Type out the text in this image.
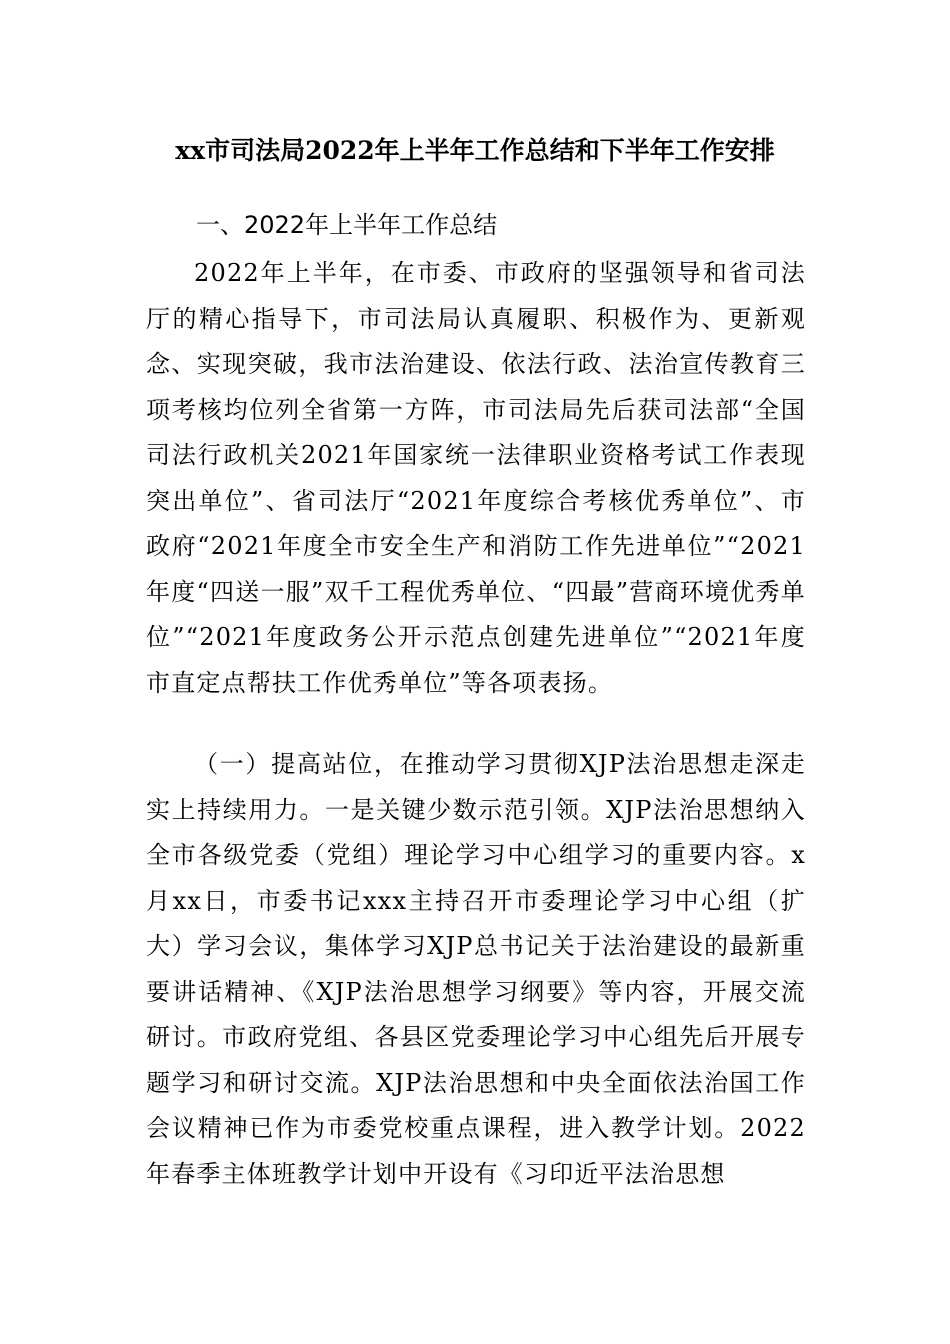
xx市司法局2022年上半年工作总结和下半年工作安排
一、2022年上半年工作总结

2022年上半年，在市委、市政府的坚强领导和省司法厅的精心指导下，市司法局认真履职、积极作为、更新观念、实现突破，我市法治建设、依法行政、法治宣传教育三项考核均位列全省第一方阵，市司法局先后获司法部“全国司法行政机关2021年国家统一法律职业资格考试工作表现突出单位”、省司法厅“2021年度综合考核优秀单位”、市政府“2021年度全市安全生产和消防工作先进单位”“2021年度“四送一服”双千工程优秀单位、“四最”营商环境优秀单位”“2021年度政务公开示范点创建先进单位”“2021年度市直定点帮扶工作优秀单位”等各项表扬。

（一）提高站位，在推动学习贯彻XJP法治思想走深走实上持续用力。一是关键少数示范引领。XJP法治思想纳入全市各级党委（党组）理论学习中心组学习的重要内容。x月xx日，市委书记xxx主持召开市委理论学习中心组（扩大）学习会议，集体学习XJP总书记关于法治建设的最新重要讲话精神、《XJP法治思想学习纲要》等内容，开展交流研讨。市政府党组、各县区党委理论学习中心组先后开展专题学习和研讨交流。XJP法治思想和中央全面依法治国工作会议精神已作为市委党校重点课程，进入教学计划。2022年春季主体班教学计划中开设有《习印近平法治思想
